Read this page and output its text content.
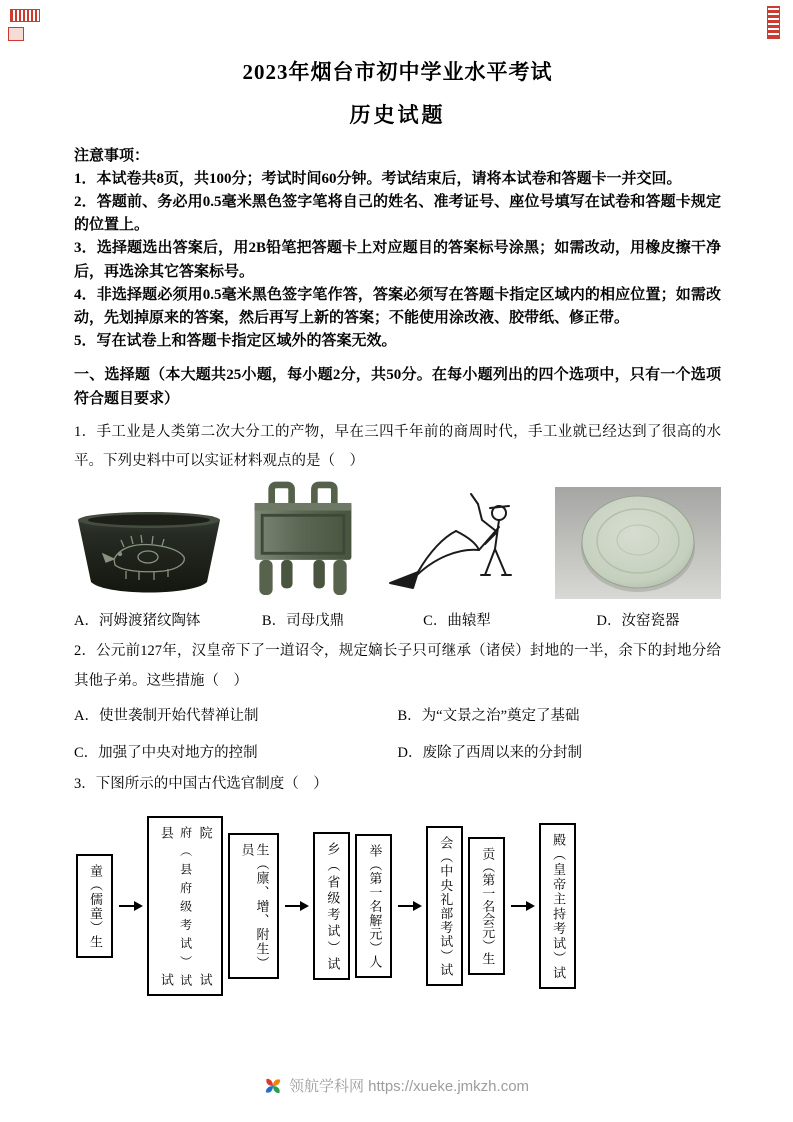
2023年烟台市初中学业水平考试
历史试题

注意事项：

1．本试卷共8页，共100分；考试时间60分钟。考试结束后，请将本试卷和答题卡一并交回。

2．答题前、务必用0.5毫米黑色签字笔将自己的姓名、准考证号、座位号填写在试卷和答题卡规定的位置上。

3．选择题选出答案后，用2B铅笔把答题卡上对应题目的答案标号涂黑；如需改动，用橡皮擦干净后，再选涂其它答案标号。

4．非选择题必须用0.5毫米黑色签字笔作答，答案必须写在答题卡指定区域内的相应位置；如需改动，先划掉原来的答案，然后再写上新的答案；不能使用涂改液、胶带纸、修正带。

5．写在试卷上和答题卡指定区域外的答案无效。

一、选择题（本大题共25小题，每小题2分，共50分。在每小题列出的四个选项中，只有一个选项符合题目要求）

1．手工业是人类第二次大分工的产物，早在三四千年前的商周时代，手工业就已经达到了很高的水平。下列史料中可以实证材料观点的是（　）

A．河姆渡猪纹陶钵	B．司母戊鼎	C．曲辕犁	D．汝窑瓷器

2．公元前127年，汉皇帝下了一道诏令，规定嫡长子只可继承（诸侯）封地的一半，余下的封地分给其他子弟。这些措施（　）

A．使世袭制开始代替禅让制	B．为“文景之治”奠定了基础
C．加强了中央对地方的控制	D．废除了西周以来的分封制

3．下图所示的中国古代选官制度（　）

童（儒童）生	县试 府（县府级考试）试 院试	生（廪、增、附生）员	乡（省级考试）试 举（第一名解元）人	会（中央礼部考试）试 贡（第一名会元）生	殿（皇帝主持考试）试
领航学科网 https://xueke.jmkzh.com
